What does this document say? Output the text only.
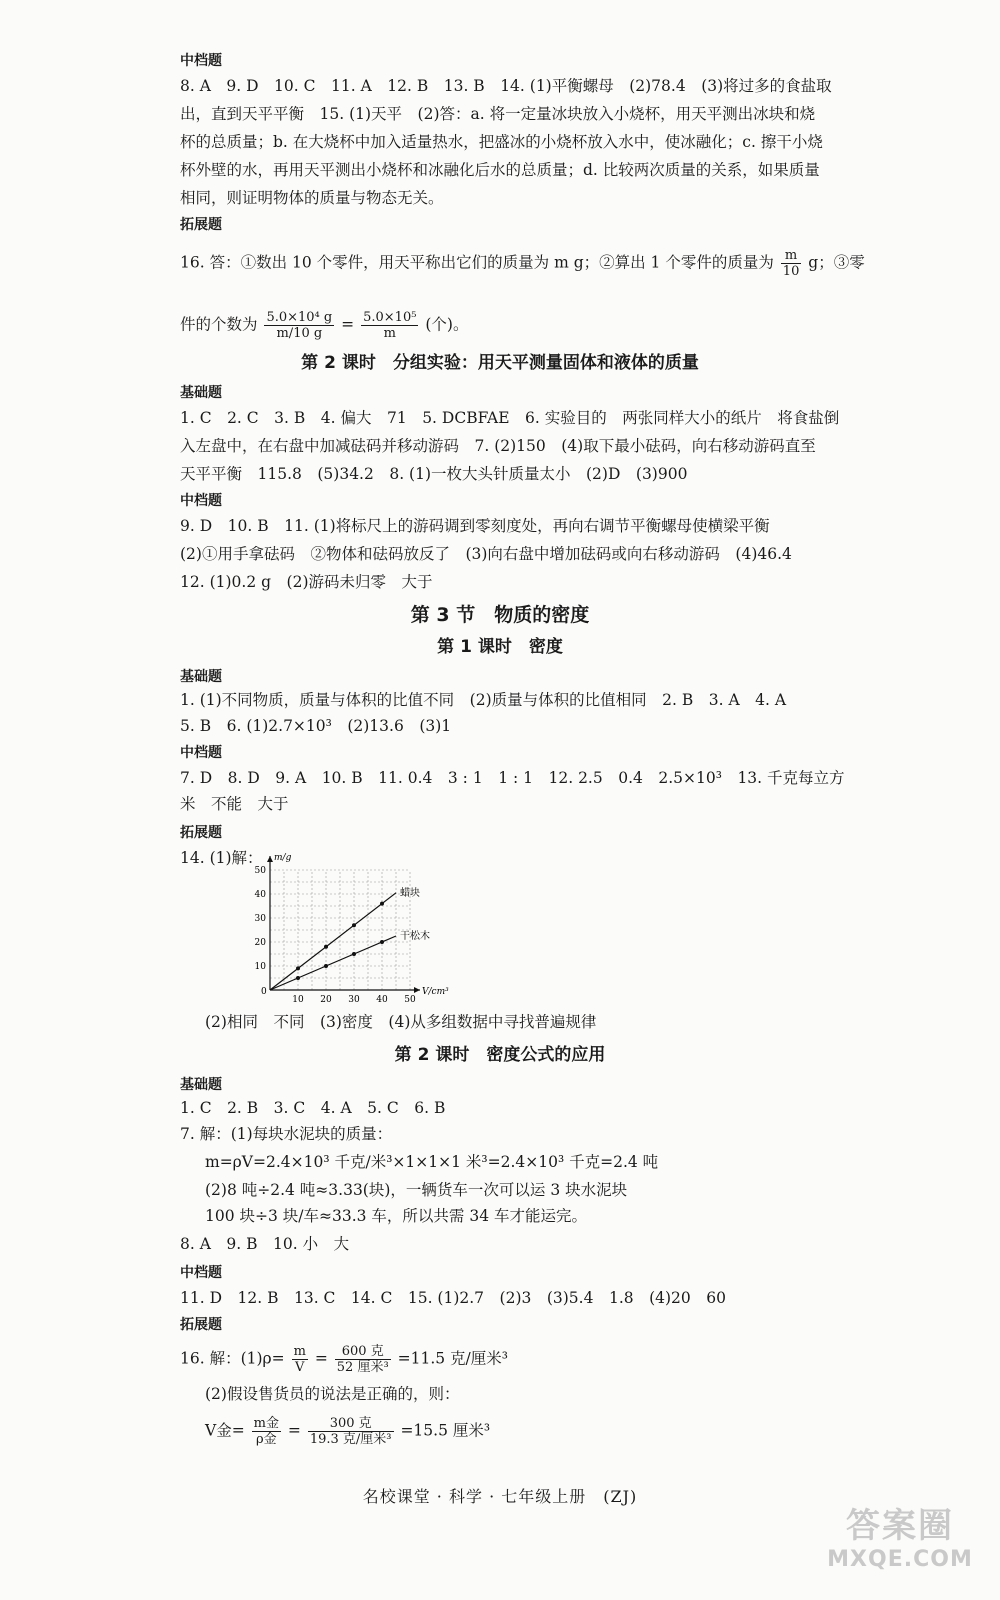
中档题
8. A　9. D　10. C　11. A　12. B　13. B　14. (1)平衡螺母　(2)78.4　(3)将过多的食盐取
出，直到天平平衡　15. (1)天平　(2)答：a. 将一定量冰块放入小烧杯，用天平测出冰块和烧
杯的总质量；b. 在大烧杯中加入适量热水，把盛冰的小烧杯放入水中，使冰融化；c. 擦干小烧
杯外壁的水，再用天平测出小烧杯和冰融化后水的总质量；d. 比较两次质量的关系，如果质量
相同，则证明物体的质量与物态无关。
拓展题
16. 答：①数出 10 个零件，用天平称出它们的质量为 m g；②算出 1 个零件的质量为 $\frac{m}{10}$ g；③零
件的个数为 $\frac{\text{5.0×10⁴ g}}{m/10 g} = \frac{\text{5.0×10⁵}}{m}$ (个)。
第 2 课时　分组实验：用天平测量固体和液体的质量
基础题
1. C　2. C　3. B　4. 偏大　71　5. DCBFAE　6. 实验目的　两张同样大小的纸片　将食盐倒
入左盘中，在右盘中加减砝码并移动游码　7. (2)150　(4)取下最小砝码，向右移动游码直至
天平平衡　115.8　(5)34.2　8. (1)一枚大头针质量太小　(2)D　(3)900
中档题
9. D　10. B　11. (1)将标尺上的游码调到零刻度处，再向右调节平衡螺母使横梁平衡
(2)①用手拿砝码　②物体和砝码放反了　(3)向右盘中增加砝码或向右移动游码　(4)46.4
12. (1)0.2 g　(2)游码未归零　大于
第 3 节　物质的密度
第 1 课时　密度
基础题
1. (1)不同物质，质量与体积的比值不同　(2)质量与体积的比值相同　2. B　3. A　4. A
5. B　6. (1)2.7×10³　(2)13.6　(3)1
中档题
7. D　8. D　9. A　10. B　11. 0.4　3 : 1　1 : 1　12. 2.5　0.4　2.5×10³　13. 千克每立方
米　不能　大于
拓展题
14. (1)解： m/g
V/cm³
0
10 20 30 40 50
10
20
30
40
50
蜡块
干松木
(2)相同　不同　(3)密度　(4)从多组数据中寻找普遍规律
第 2 课时　密度公式的应用
基础题
1. C　2. B　3. C　4. A　5. C　6. B
7. 解：(1)每块水泥块的质量：
m=ρV=2.4×10³ 千克/米³×1×1×1 米³=2.4×10³ 千克=2.4 吨
(2)8 吨÷2.4 吨≈3.33(块)，一辆货车一次可以运 3 块水泥块
100 块÷3 块/车≈33.3 车，所以共需 34 车才能运完。
8. A　9. B　10. 小　大
中档题
11. D　12. B　13. C　14. C　15. (1)2.7　(2)3　(3)5.4　1.8　(4)20　60
拓展题
16. 解：$(1)\rho= \frac{m}{V} = \frac{\text{600 克}}{\text{52 厘米³}} =11.5$ 克/厘米³
(2)假设售货员的说法是正确的，则：
V金= $\frac{\text{m金}}{\text{ρ金}} = \frac{\text{300 克}}{\text{19.3 克/厘米³}} =15.5$ 厘米³
名校课堂 · 科学 · 七年级上册　(ZJ)
答案圈
MXQE.COM
